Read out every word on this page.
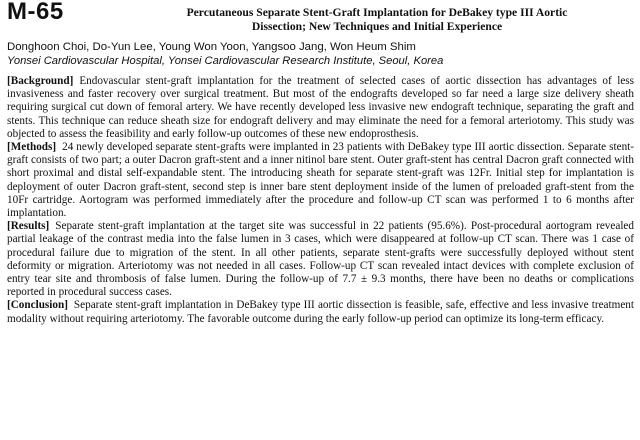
M-65	Percutaneous Separate Stent-Graft Implantation for DeBakey type III Aortic
Dissection; New Techniques and Initial Experience
Donghoon Choi, Do-Yun Lee, Young Won Yoon, Yangsoo Jang, Won Heum Shim
Yonsei Cardiovascular Hospital, Yonsei Cardiovascular Research Institute, Seoul, Korea

[Background] Endovascular stent-graft implantation for the treatment of selected cases of aortic dissection has advantages of less invasiveness and faster recovery over surgical treatment. But most of the endografts developed so far need a large size delivery sheath requiring surgical cut down of femoral artery. We have recently developed less invasive new endograft technique, separating the graft and stents. This technique can reduce sheath size for endograft delivery and may eliminate the need for a femoral arteriotomy. This study was objected to assess the feasibility and early follow-up outcomes of these new endoprosthesis.

[Methods] 24 newly developed separate stent-grafts were implanted in 23 patients with DeBakey type III aortic dissection. Separate stent-graft consists of two part; a outer Dacron graft-stent and a inner nitinol bare stent. Outer graft-stent has central Dacron graft connected with short proximal and distal self-expandable stent. The introducing sheath for separate stent-graft was 12Fr. Initial step for implantation is deployment of outer Dacron graft-stent, second step is inner bare stent deployment inside of the lumen of preloaded graft-stent from the 10Fr cartridge. Aortogram was performed immediately after the procedure and follow-up CT scan was performed 1 to 6 months after implantation.

[Results] Separate stent-graft implantation at the target site was successful in 22 patients (95.6%). Post-procedural aortogram revealed partial leakage of the contrast media into the false lumen in 3 cases, which were disappeared at follow-up CT scan. There was 1 case of procedural failure due to migration of the stent. In all other patients, separate stent-grafts were successfully deployed without stent deformity or migration. Arteriotomy was not needed in all cases. Follow-up CT scan revealed intact devices with complete exclusion of entry tear site and thrombosis of false lumen. During the follow-up of 7.7 ± 9.3 months, there have been no deaths or complications reported in procedural success cases.

[Conclusion] Separate stent-graft implantation in DeBakey type III aortic dissection is feasible, safe, effective and less invasive treatment modality without requiring arteriotomy. The favorable outcome during the early follow-up period can optimize its long-term efficacy.
